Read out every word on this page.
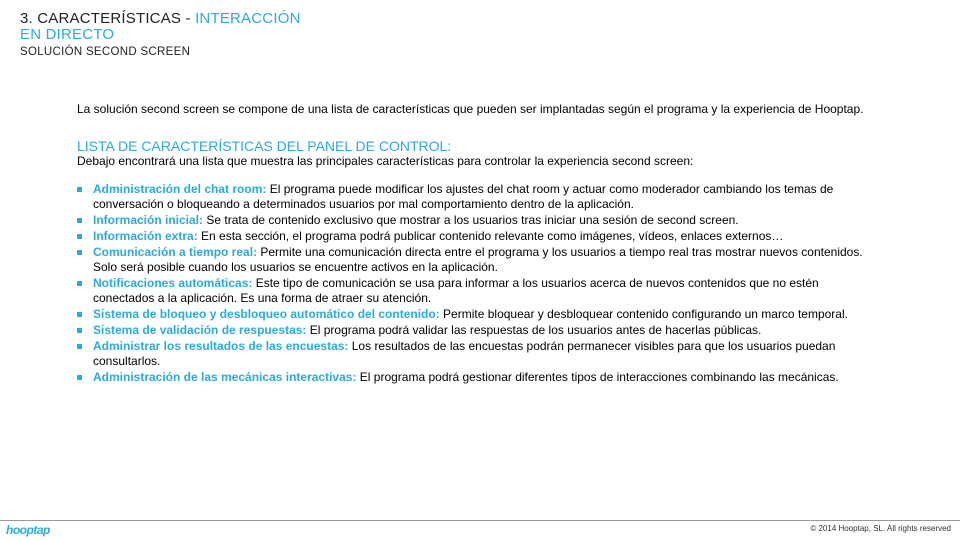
3. CARACTERÍSTICAS - INTERACCIÓN
EN DIRECTO
SOLUCIÓN SECOND SCREEN

La solución second screen se compone de una lista de características que pueden ser implantadas según el programa y la experiencia de Hooptap.

LISTA DE CARACTERÍSTICAS DEL PANEL DE CONTROL:

Debajo encontrará una lista que muestra las principales características para controlar la experiencia second screen:

Administración del chat room: El programa puede modificar los ajustes del chat room y actuar como moderador cambiando los temas de conversación o bloqueando a determinados usuarios por mal comportamiento dentro de la aplicación.
Información inicial: Se trata de contenido exclusivo que mostrar a los usuarios tras iniciar una sesión de second screen.
Información extra: En esta sección, el programa podrá publicar contenido relevante como imágenes, vídeos, enlaces externos…
Comunicación a tiempo real: Permite una comunicación directa entre el programa y los usuarios a tiempo real tras mostrar nuevos contenidos. Solo será posible cuando los usuarios se encuentre activos en la aplicación.
Notificaciones automáticas: Este tipo de comunicación se usa para informar a los usuarios acerca de nuevos contenidos que no estén conectados a la aplicación. Es una forma de atraer su atención.
Sistema de bloqueo y desbloqueo automático del contenido: Permite bloquear y desbloquear contenido configurando un marco temporal.
Sistema de validación de respuestas: El programa podrá validar las respuestas de los usuarios antes de hacerlas públicas.
Administrar los resultados de las encuestas: Los resultados de las encuestas podrán permanecer visibles para que los usuarios puedan consultarlos.
Administración de las mecánicas interactivas: El programa podrá gestionar diferentes tipos de interacciones combinando las mecánicas.
hooptap	© 2014 Hooptap, SL. All rights reserved
